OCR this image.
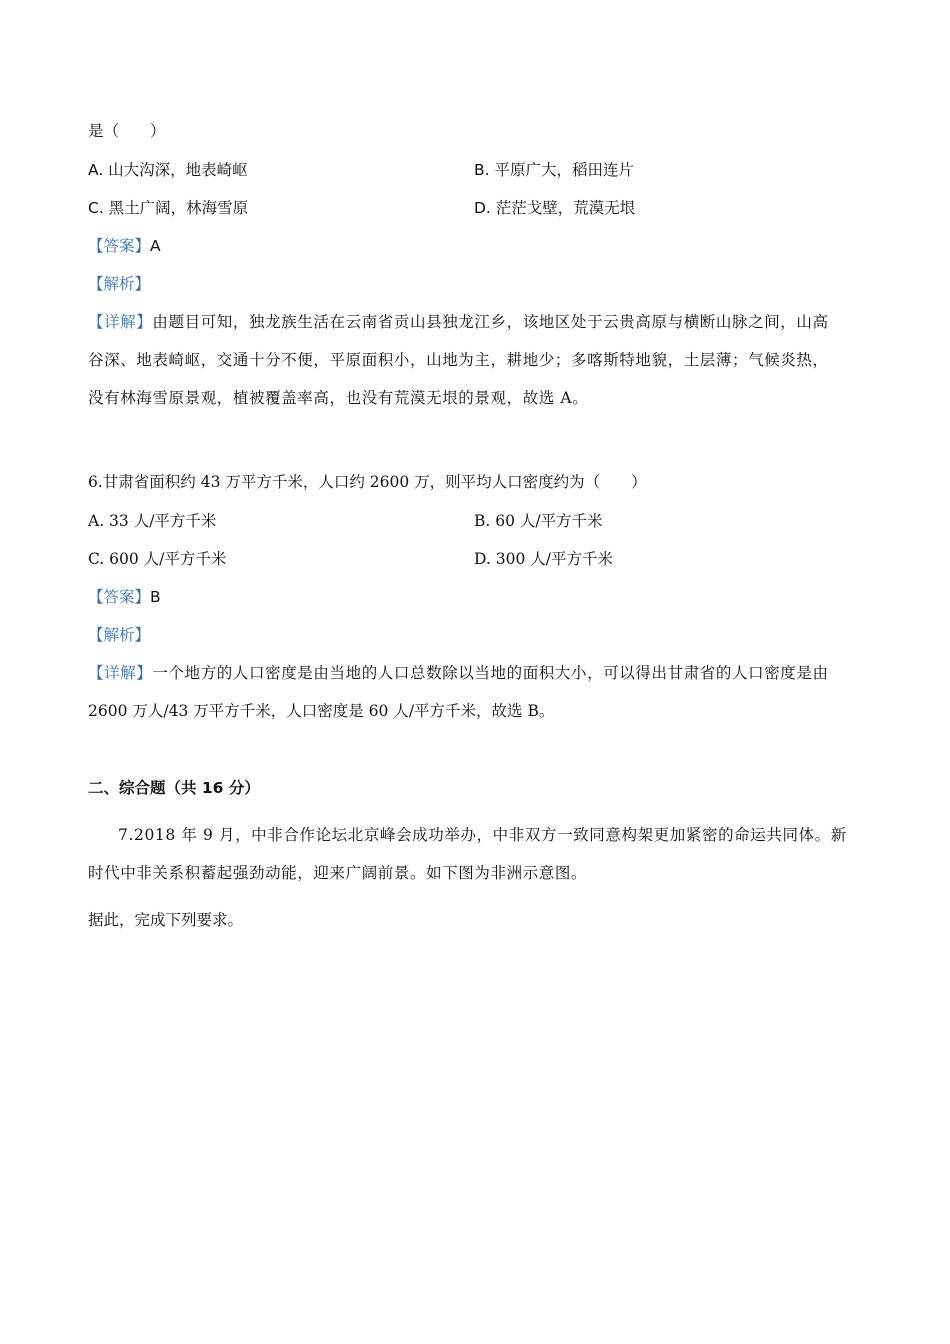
是（　　）
A. 山大沟深，地表崎岖	B. 平原广大，稻田连片
C. 黑土广阔，林海雪原	D. 茫茫戈壁，荒漠无垠
【答案】A
【解析】
【详解】由题目可知，独龙族生活在云南省贡山县独龙江乡，该地区处于云贵高原与横断山脉之间，山高
谷深、地表崎岖，交通十分不便，平原面积小，山地为主，耕地少；多喀斯特地貌，土层薄；气候炎热，
没有林海雪原景观，植被覆盖率高，也没有荒漠无垠的景观，故选 A。
6.甘肃省面积约 43 万平方千米，人口约 2600 万，则平均人口密度约为（　　）
A. 33 人/平方千米	B. 60 人/平方千米
C. 600 人/平方千米	D. 300 人/平方千米
【答案】B
【解析】
【详解】一个地方的人口密度是由当地的人口总数除以当地的面积大小，可以得出甘肃省的人口密度是由
2600 万人/43 万平方千米，人口密度是 60 人/平方千米，故选 B。
二、综合题（共 16 分）
7.2018 年 9 月，中非合作论坛北京峰会成功举办，中非双方一致同意构架更加紧密的命运共同体。新
时代中非关系积蓄起强劲动能，迎来广阔前景。如下图为非洲示意图。
据此，完成下列要求。
